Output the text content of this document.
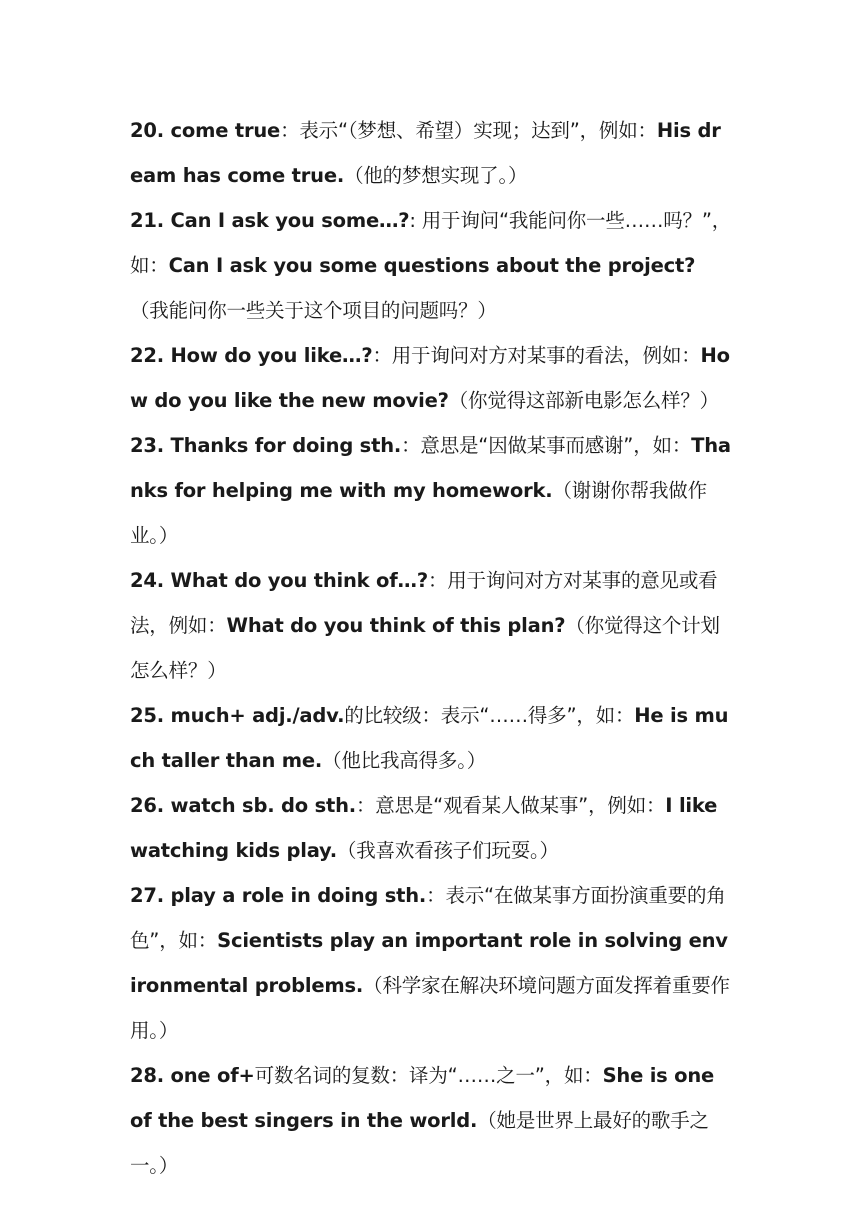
20. come true：表示“（梦想、希望）实现；达到”，例如：His dream has come true.（他的梦想实现了。）

21. Can I ask you some…?: 用于询问“我能问你一些……吗？”，如：Can I ask you some questions about the project?（我能问你一些关于这个项目的问题吗？）

22. How do you like…?：用于询问对方对某事的看法，例如：How do you like the new movie?（你觉得这部新电影怎么样？）

23. Thanks for doing sth.：意思是“因做某事而感谢”，如：Thanks for helping me with my homework.（谢谢你帮我做作业。）

24. What do you think of…?：用于询问对方对某事的意见或看法，例如：What do you think of this plan?（你觉得这个计划怎么样？）

25. much+ adj./adv.的比较级：表示“……得多”，如：He is much taller than me.（他比我高得多。）

26. watch sb. do sth.：意思是“观看某人做某事”，例如：I like watching kids play.（我喜欢看孩子们玩耍。）

27. play a role in doing sth.：表示“在做某事方面扮演重要的角色”，如：Scientists play an important role in solving environmental problems.（科学家在解决环境问题方面发挥着重要作用。）

28. one of+可数名词的复数：译为“……之一”，如：She is one of the best singers in the world.（她是世界上最好的歌手之一。）
